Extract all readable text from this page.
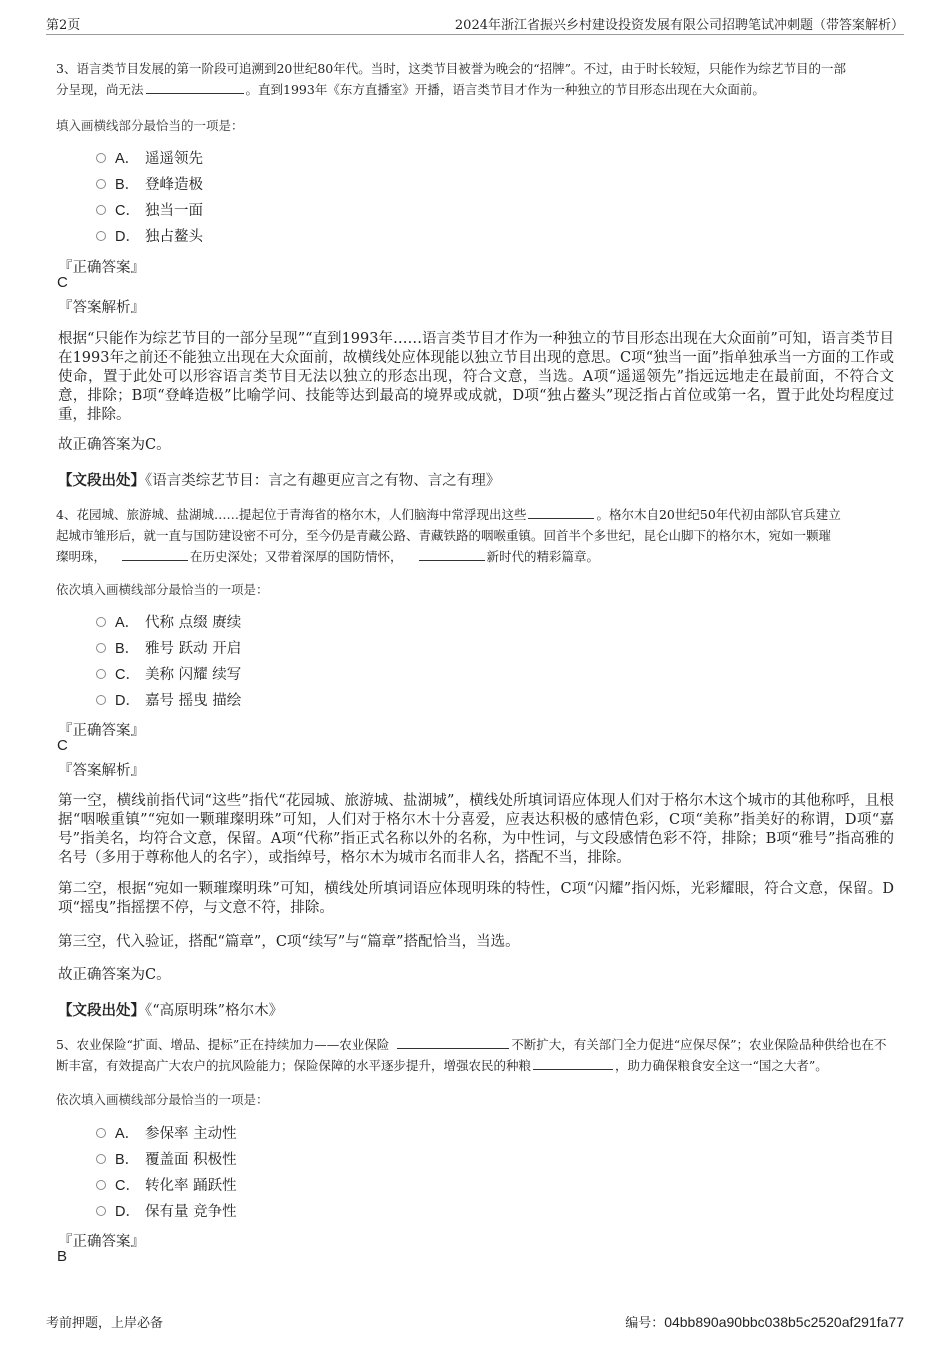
第2页	2024年浙江省振兴乡村建设投资发展有限公司招聘笔试冲刺题（带答案解析）
3、语言类节目发展的第一阶段可追溯到20世纪80年代。当时，这类节目被誉为晚会的“招牌”。不过，由于时长较短，只能作为综艺节目的一部
分呈现，尚无法	。直到1993年《东方直播室》开播，语言类节目才作为一种独立的节目形态出现在大众面前。
填入画横线部分最恰当的一项是：
A． 遥遥领先
B． 登峰造极
C． 独当一面
D． 独占鳌头
『正确答案』
C
『答案解析』
根据“只能作为综艺节目的一部分呈现”“直到1993年……语言类节目才作为一种独立的节目形态出现在大众面前”可知，语言类节目在1993年之前还不能独立出现在大众面前，故横线处应体现能以独立节目出现的意思。C项“独当一面”指单独承当一方面的工作或使命，置于此处可以形容语言类节目无法以独立的形态出现，符合文意，当选。A项“遥遥领先”指远远地走在最前面，不符合文意，排除；B项“登峰造极”比喻学问、技能等达到最高的境界或成就，D项“独占鳌头”现泛指占首位或第一名，置于此处均程度过重，排除。
故正确答案为C。
【文段出处】《语言类综艺节目：言之有趣更应言之有物、言之有理》
4、花园城、旅游城、盐湖城……提起位于青海省的格尔木，人们脑海中常浮现出这些	。格尔木自20世纪50年代初由部队官兵建立
起城市雏形后，就一直与国防建设密不可分，至今仍是青藏公路、青藏铁路的咽喉重镇。回首半个多世纪，昆仑山脚下的格尔木，宛如一颗璀
璨明珠，	在历史深处；又带着深厚的国防情怀，	新时代的精彩篇章。
依次填入画横线部分最恰当的一项是：
A． 代称 点缀 赓续
B． 雅号 跃动 开启
C． 美称 闪耀 续写
D． 嘉号 摇曳 描绘
『正确答案』
C
『答案解析』
第一空，横线前指代词“这些”指代“花园城、旅游城、盐湖城”，横线处所填词语应体现人们对于格尔木这个城市的其他称呼，且根据“咽喉重镇”“宛如一颗璀璨明珠”可知，人们对于格尔木十分喜爱，应表达积极的感情色彩，C项“美称”指美好的称谓，D项“嘉号”指美名，均符合文意，保留。A项“代称”指正式名称以外的名称，为中性词，与文段感情色彩不符，排除；B项“雅号”指高雅的名号（多用于尊称他人的名字），或指绰号，格尔木为城市名而非人名，搭配不当，排除。
第二空，根据“宛如一颗璀璨明珠”可知，横线处所填词语应体现明珠的特性，C项“闪耀”指闪烁，光彩耀眼，符合文意，保留。D项“摇曳”指摇摆不停，与文意不符，排除。
第三空，代入验证，搭配“篇章”，C项“续写”与“篇章”搭配恰当，当选。
故正确答案为C。
【文段出处】《“高原明珠”格尔木》
5、农业保险“扩面、增品、提标”正在持续加力——农业保险	不断扩大，有关部门全力促进“应保尽保”；农业保险品种供给也在不
断丰富，有效提高广大农户的抗风险能力；保险保障的水平逐步提升，增强农民的种粮	，助力确保粮食安全这一“国之大者”。
依次填入画横线部分最恰当的一项是：
A． 参保率 主动性
B． 覆盖面 积极性
C． 转化率 踊跃性
D． 保有量 竞争性
『正确答案』
B
考前押题，上岸必备	编号：04bb890a90bbc038b5c2520af291fa77
